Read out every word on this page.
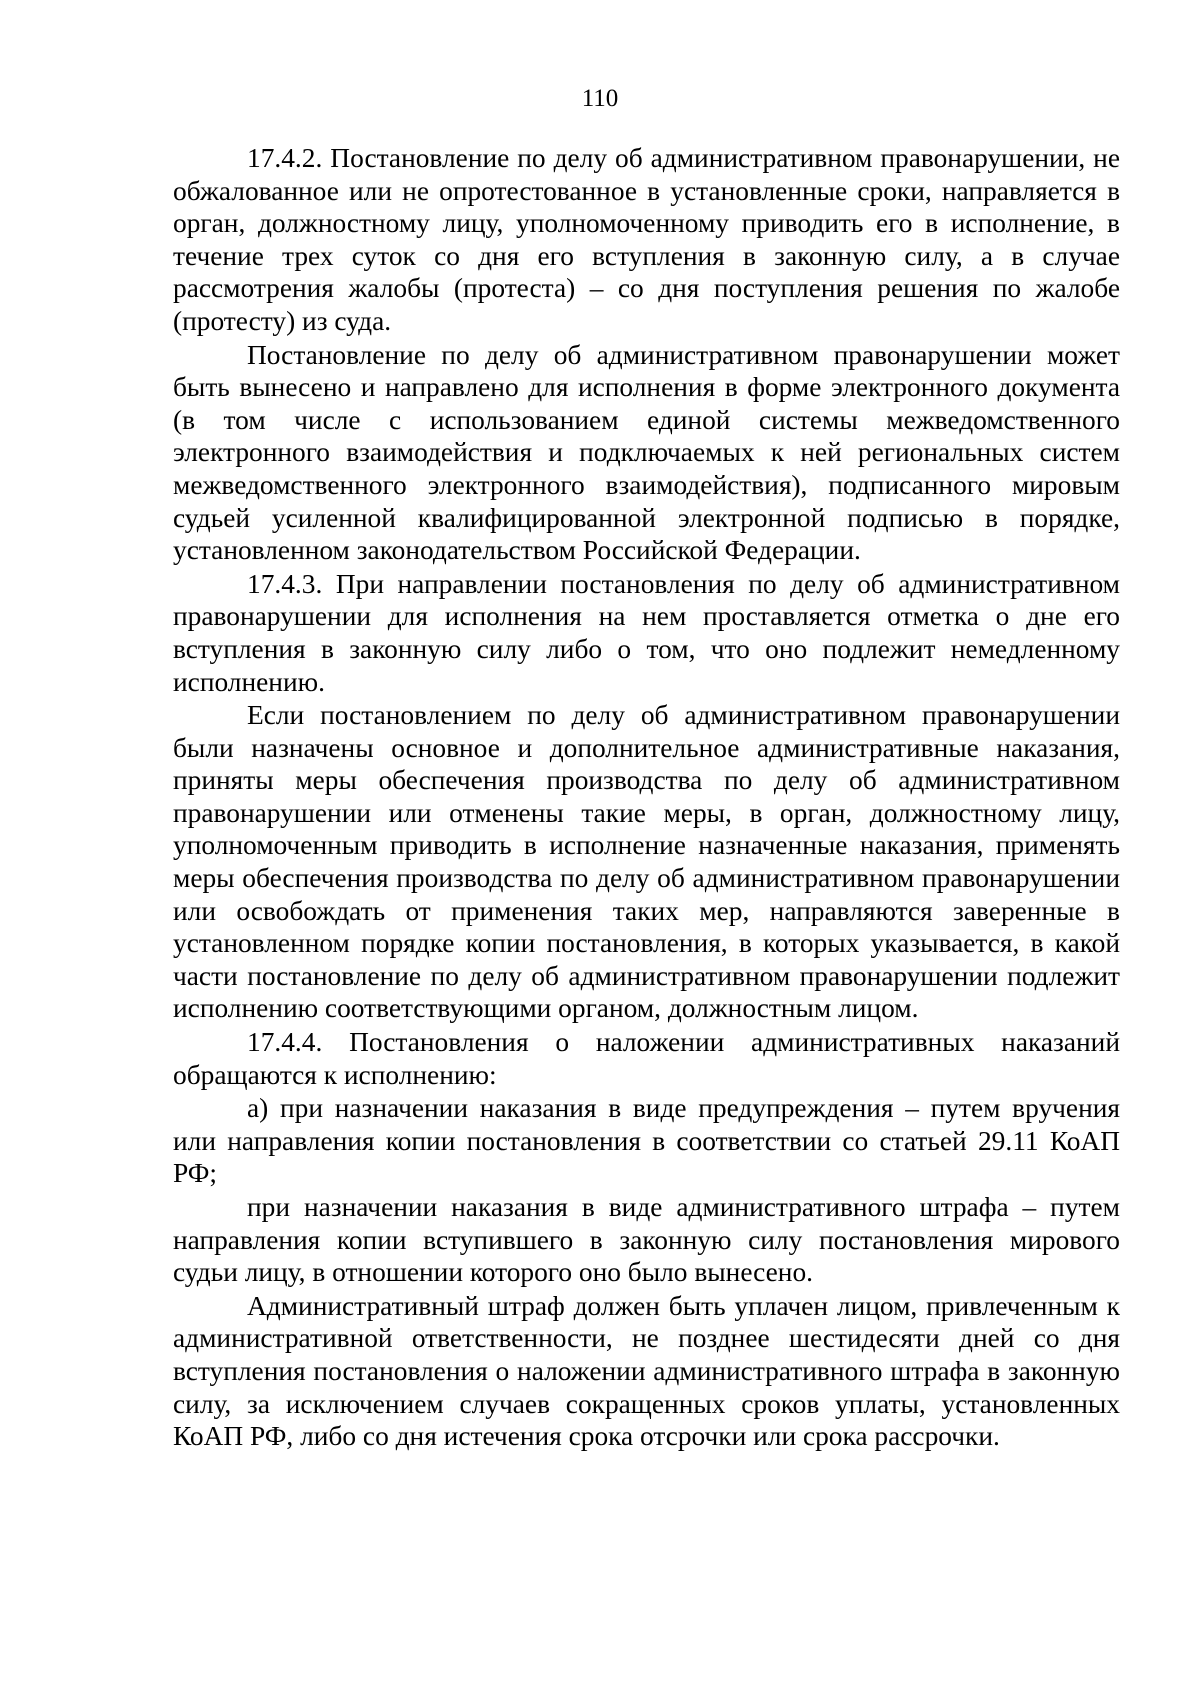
110

17.4.2. Постановление по делу об административном правонарушении, не обжалованное или не опротестованное в установленные сроки, направляется в орган, должностному лицу, уполномоченному приводить его в исполнение, в течение трех суток со дня его вступления в законную силу, а в случае рассмотрения жалобы (протеста) – со дня поступления решения по жалобе (протесту) из суда.

Постановление по делу об административном правонарушении может быть вынесено и направлено для исполнения в форме электронного документа (в том числе с использованием единой системы межведомственного электронного взаимодействия и подключаемых к ней региональных систем межведомственного электронного взаимодействия), подписанного мировым судьей усиленной квалифицированной электронной подписью в порядке, установленном законодательством Российской Федерации.

17.4.3. При направлении постановления по делу об административном правонарушении для исполнения на нем проставляется отметка о дне его вступления в законную силу либо о том, что оно подлежит немедленному исполнению.

Если постановлением по делу об административном правонарушении были назначены основное и дополнительное административные наказания, приняты меры обеспечения производства по делу об административном правонарушении или отменены такие меры, в орган, должностному лицу, уполномоченным приводить в исполнение назначенные наказания, применять меры обеспечения производства по делу об административном правонарушении или освобождать от применения таких мер, направляются заверенные в установленном порядке копии постановления, в которых указывается, в какой части постановление по делу об административном правонарушении подлежит исполнению соответствующими органом, должностным лицом.

17.4.4. Постановления о наложении административных наказаний обращаются к исполнению:

а) при назначении наказания в виде предупреждения – путем вручения или направления копии постановления в соответствии со статьей 29.11 КоАП РФ;

при назначении наказания в виде административного штрафа – путем направления копии вступившего в законную силу постановления мирового судьи лицу, в отношении которого оно было вынесено.

Административный штраф должен быть уплачен лицом, привлеченным к административной ответственности, не позднее шестидесяти дней со дня вступления постановления о наложении административного штрафа в законную силу, за исключением случаев сокращенных сроков уплаты, установленных КоАП РФ, либо со дня истечения срока отсрочки или срока рассрочки.
